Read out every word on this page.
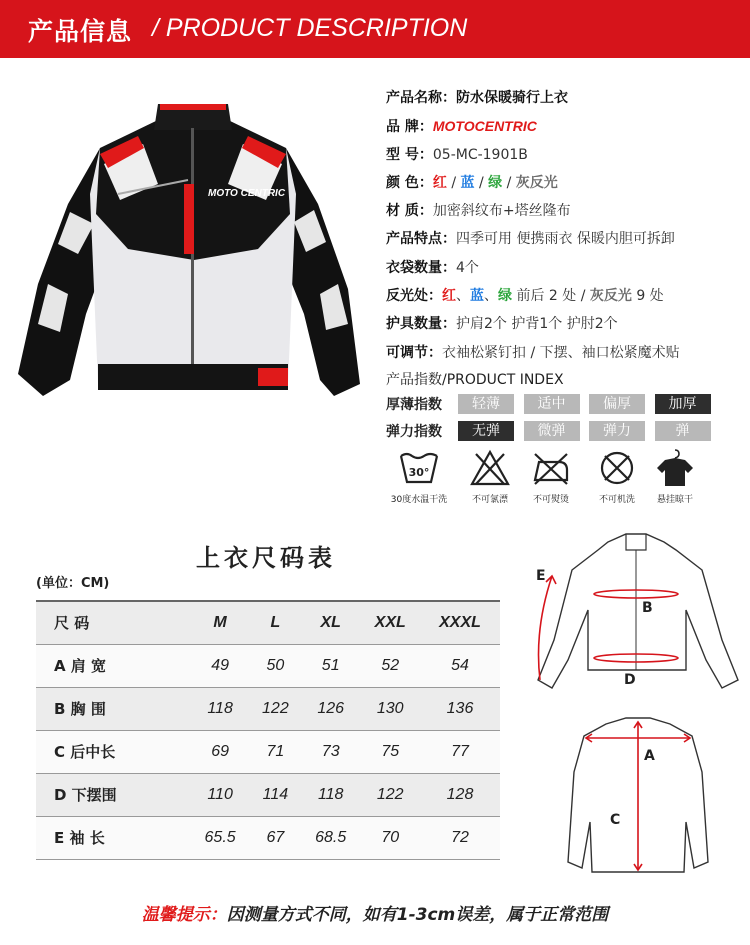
产品信息 / PRODUCT DESCRIPTION
MOTO CENTRIC
产品名称：防水保暖骑行上衣
品 牌：MOTOCENTRIC
型 号：05-MC-1901B
颜 色：红 / 蓝 / 绿 / 灰反光
材 质：加密斜纹布+塔丝隆布
产品特点：四季可用 便携雨衣 保暖内胆可拆卸
衣袋数量：4个
反光处：红、蓝、绿 前后 2 处 / 灰反光 9 处
护具数量：护肩2个 护背1个 护肘2个
可调节：衣袖松紧钉扣 / 下摆、袖口松紧魔术贴
产品指数/PRODUCT INDEX
厚薄指数	轻薄	适中	偏厚	加厚
弹力指数	无弹	微弹	弹力	弹
30°
30度水温干洗	不可氯漂	不可熨烫	不可机洗	悬挂晾干
上衣尺码表
(单位：CM)
尺 码	M	L	XL	XXL	XXXL
A 肩 宽	49	50	51	52	54
B 胸 围	118	122	126	130	136
C 后中长	69	71	73	75	77
D 下摆围	110	114	118	122	128
E 袖 长	65.5	67	68.5	70	72
E
B
D
A
C
温馨提示：因测量方式不同，如有1-3cm误差，属于正常范围
